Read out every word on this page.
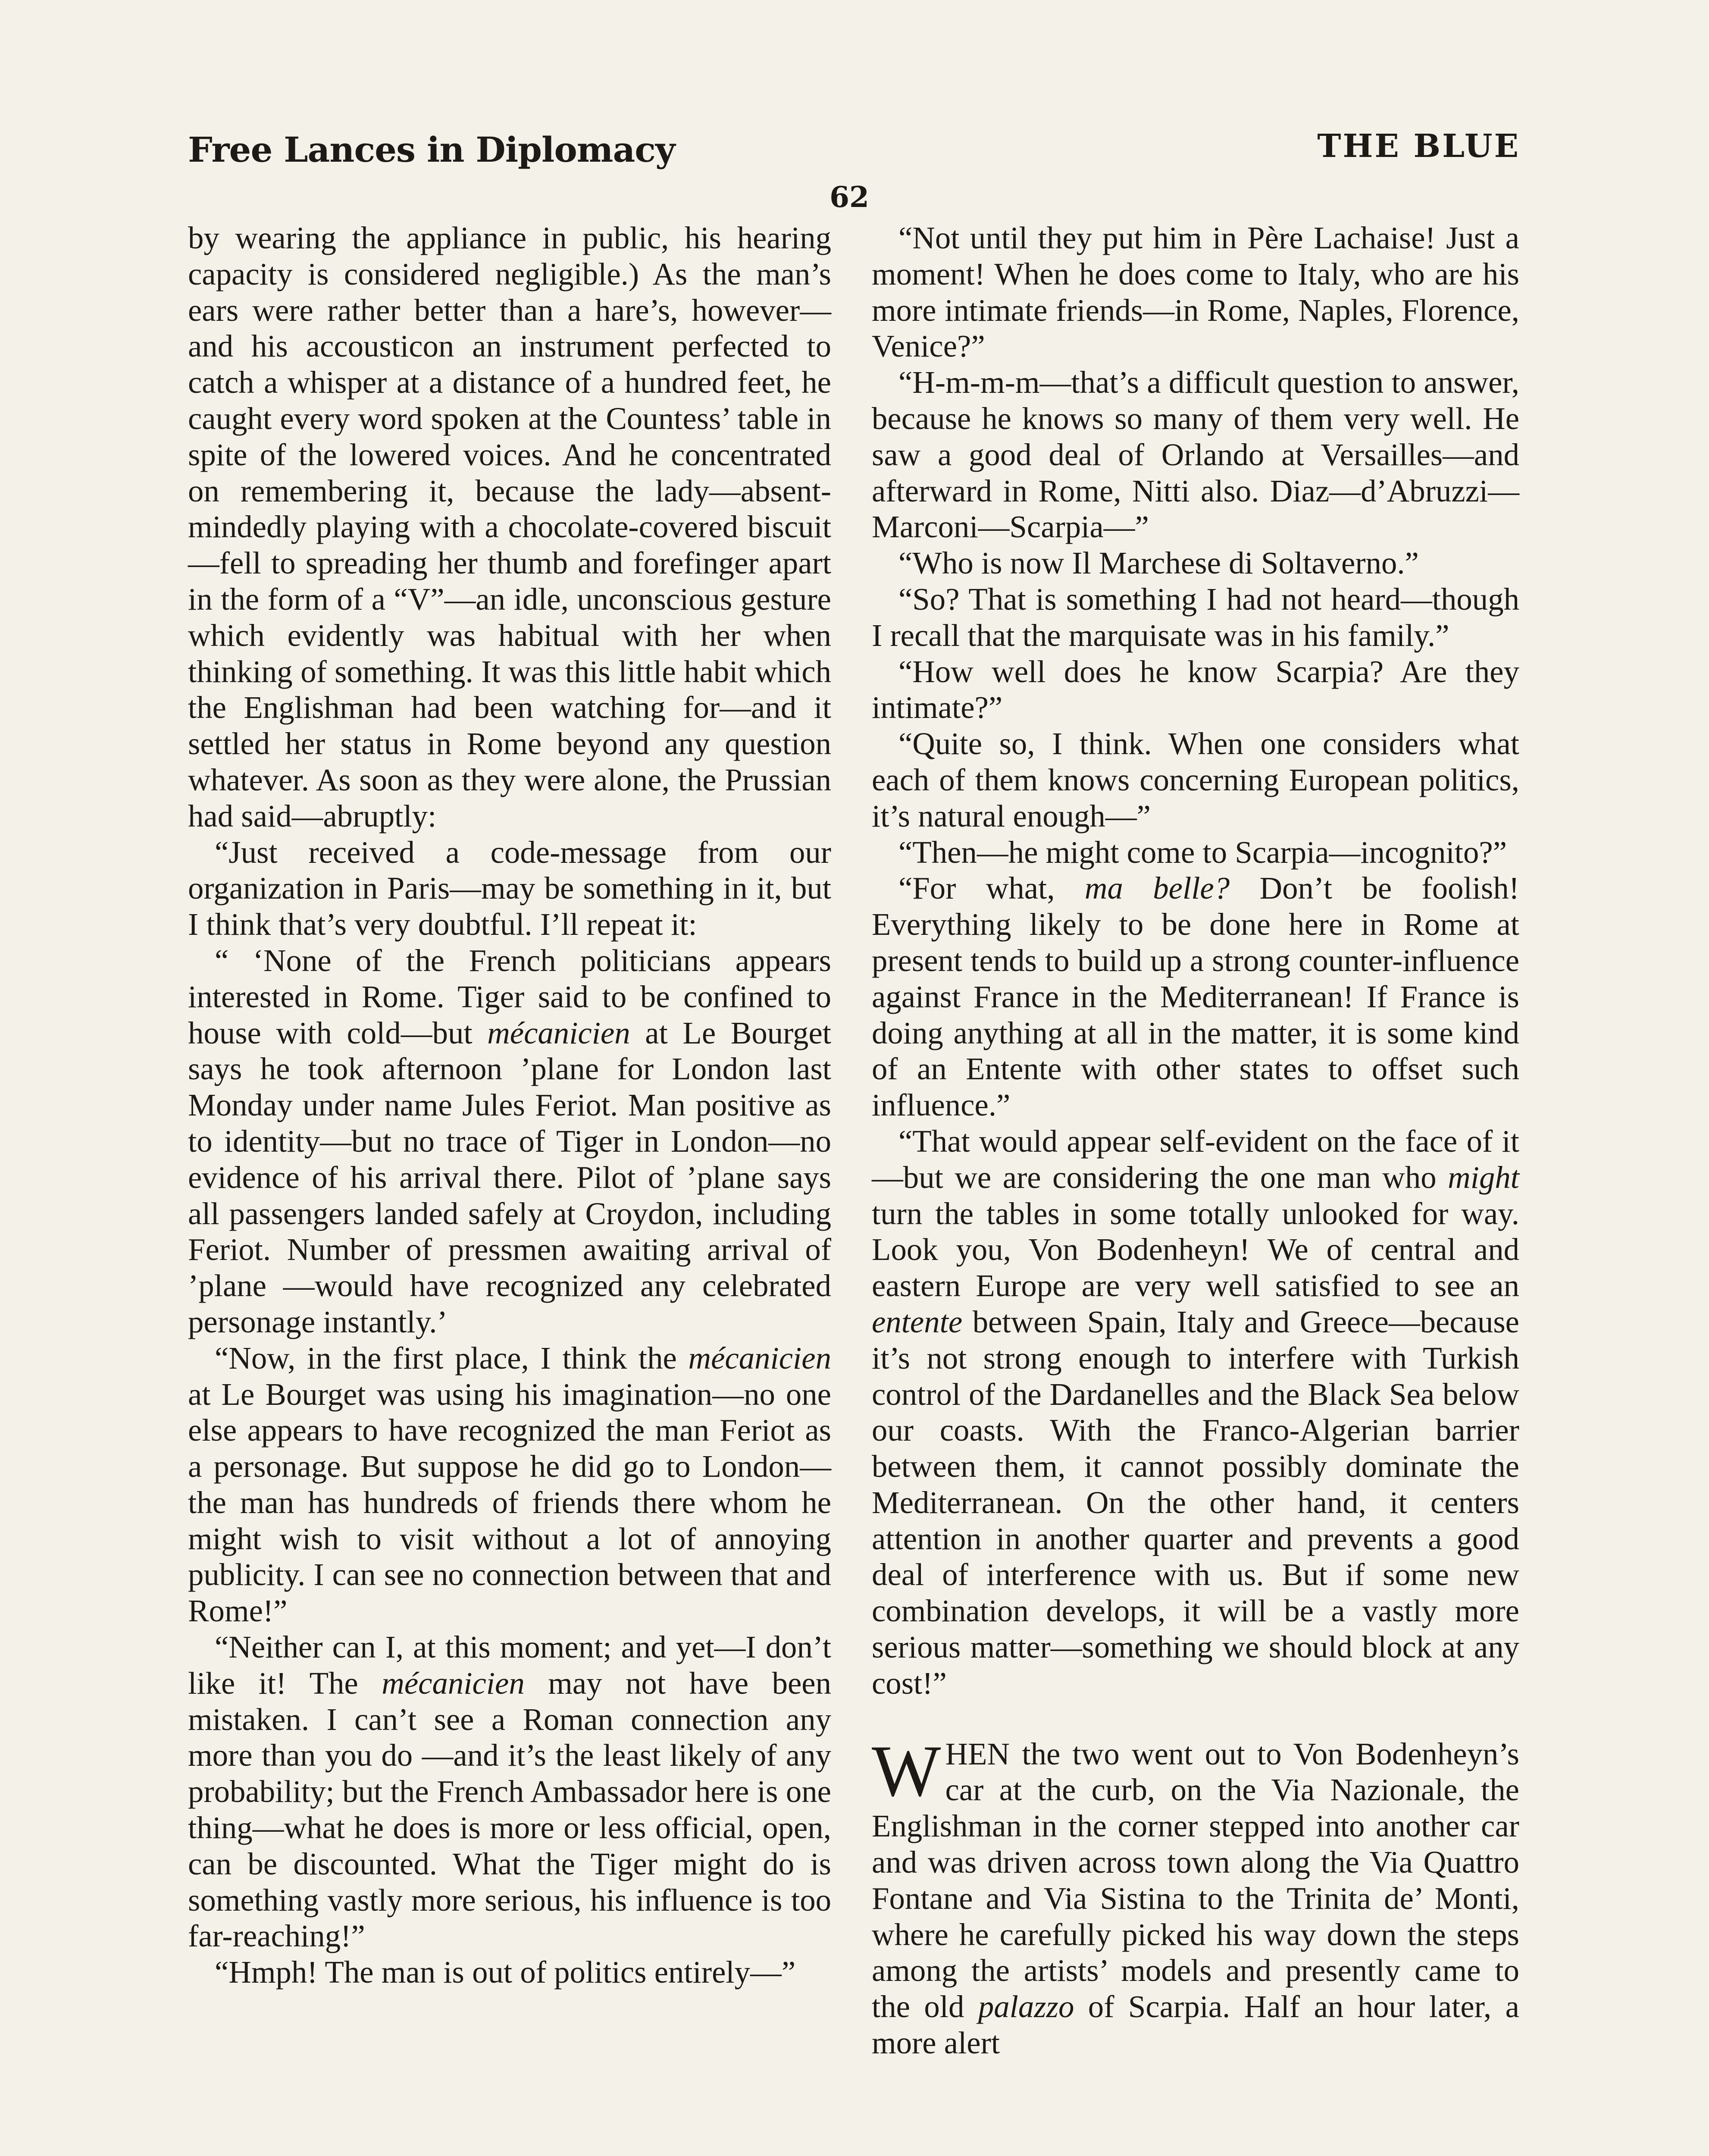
Free Lances in Diplomacy	THE BLUE
62

by wearing the appliance in public, his hearing capacity is considered negligible.) As the man’s ears were rather better than a hare’s, however—and his accousticon an instrument perfected to catch a whisper at a distance of a hundred feet, he caught every word spoken at the Countess’ table in spite of the lowered voices. And he concentrated on remembering it, because the lady—absent-mindedly playing with a chocolate-covered biscuit—fell to spreading her thumb and forefinger apart in the form of a “V”—an idle, unconscious gesture which evidently was habitual with her when thinking of something. It was this little habit which the Englishman had been watching for—and it settled her status in Rome beyond any question whatever. As soon as they were alone, the Prussian had said—abruptly:

“Just received a code-message from our organization in Paris—may be something in it, but I think that’s very doubtful. I’ll repeat it:

“ ‘None of the French politicians appears interested in Rome. Tiger said to be confined to house with cold—but mécanicien at Le Bourget says he took afternoon ’plane for London last Monday under name Jules Feriot. Man positive as to identity—but no trace of Tiger in London—no evidence of his arrival there. Pilot of ’plane says all passengers landed safely at Croydon, including Feriot. Number of pressmen awaiting arrival of ’plane —would have recognized any celebrated personage instantly.’

“Now, in the first place, I think the mécanicien at Le Bourget was using his imagination—no one else appears to have recognized the man Feriot as a personage. But suppose he did go to London—the man has hundreds of friends there whom he might wish to visit without a lot of annoying publicity. I can see no connection between that and Rome!”

“Neither can I, at this moment; and yet—I don’t like it! The mécanicien may not have been mistaken. I can’t see a Roman connection any more than you do —and it’s the least likely of any probability; but the French Ambassador here is one thing—what he does is more or less official, open, can be discounted. What the Tiger might do is something vastly more serious, his influence is too far-reaching!”

“Hmph! The man is out of politics entirely—”

“Not until they put him in Père Lachaise! Just a moment! When he does come to Italy, who are his more intimate friends—in Rome, Naples, Florence, Venice?”

“H-m-m-m—that’s a difficult question to answer, because he knows so many of them very well. He saw a good deal of Orlando at Versailles—and afterward in Rome, Nitti also. Diaz—d’Abruzzi—Marconi—Scarpia—”

“Who is now Il Marchese di Soltaverno.”

“So? That is something I had not heard—though I recall that the marquisate was in his family.”

“How well does he know Scarpia? Are they intimate?”

“Quite so, I think. When one considers what each of them knows concerning European politics, it’s natural enough—”

“Then—he might come to Scarpia—incognito?”

“For what, ma belle? Don’t be foolish! Everything likely to be done here in Rome at present tends to build up a strong counter-influence against France in the Mediterranean! If France is doing anything at all in the matter, it is some kind of an Entente with other states to offset such influence.”

“That would appear self-evident on the face of it—but we are considering the one man who might turn the tables in some totally unlooked for way. Look you, Von Bodenheyn! We of central and eastern Europe are very well satisfied to see an entente between Spain, Italy and Greece—because it’s not strong enough to interfere with Turkish control of the Dardanelles and the Black Sea below our coasts. With the Franco-Algerian barrier between them, it cannot possibly dominate the Mediterranean. On the other hand, it centers attention in another quarter and prevents a good deal of interference with us. But if some new combination develops, it will be a vastly more serious matter—something we should block at any cost!”

WHEN the two went out to Von Bodenheyn’s car at the curb, on the Via Nazionale, the Englishman in the corner stepped into another car and was driven across town along the Via Quattro Fontane and Via Sistina to the Trinita de’ Monti, where he carefully picked his way down the steps among the artists’ models and presently came to the old palazzo of Scarpia. Half an hour later, a more alert
